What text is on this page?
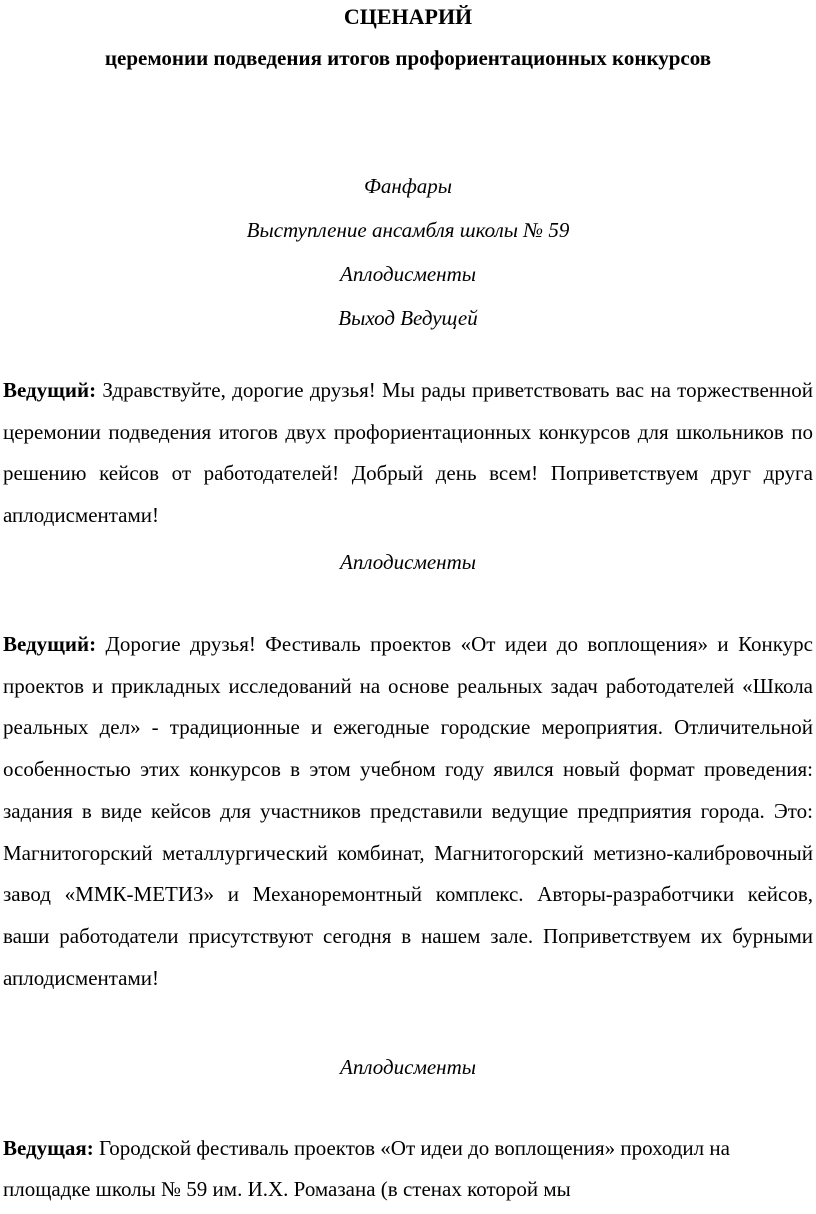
СЦЕНАРИЙ
церемонии подведения итогов профориентационных конкурсов
Фанфары
Выступление ансамбля школы № 59
Аплодисменты
Выход Ведущей

Ведущий: Здравствуйте, дорогие друзья! Мы рады приветствовать вас на торжественной церемонии подведения итогов двух профориентационных конкурсов для школьников по решению кейсов от работодателей! Добрый день всем! Поприветствуем друг друга аплодисментами!

Аплодисменты

Ведущий: Дорогие друзья! Фестиваль проектов «От идеи до воплощения» и Конкурс проектов и прикладных исследований на основе реальных задач работодателей «Школа реальных дел» - традиционные и ежегодные городские мероприятия. Отличительной особенностью этих конкурсов в этом учебном году явился новый формат проведения: задания в виде кейсов для участников представили ведущие предприятия города. Это: Магнитогорский металлургический комбинат, Магнитогорский метизно-калибровочный завод «ММК-МЕТИЗ» и Механоремонтный комплекс. Авторы-разработчики кейсов, ваши работодатели присутствуют сегодня в нашем зале. Поприветствуем их бурными аплодисментами!

Аплодисменты

Ведущая: Городской фестиваль проектов «От идеи до воплощения» проходил на площадке школы № 59 им. И.Х. Ромазана (в стенах которой мы
